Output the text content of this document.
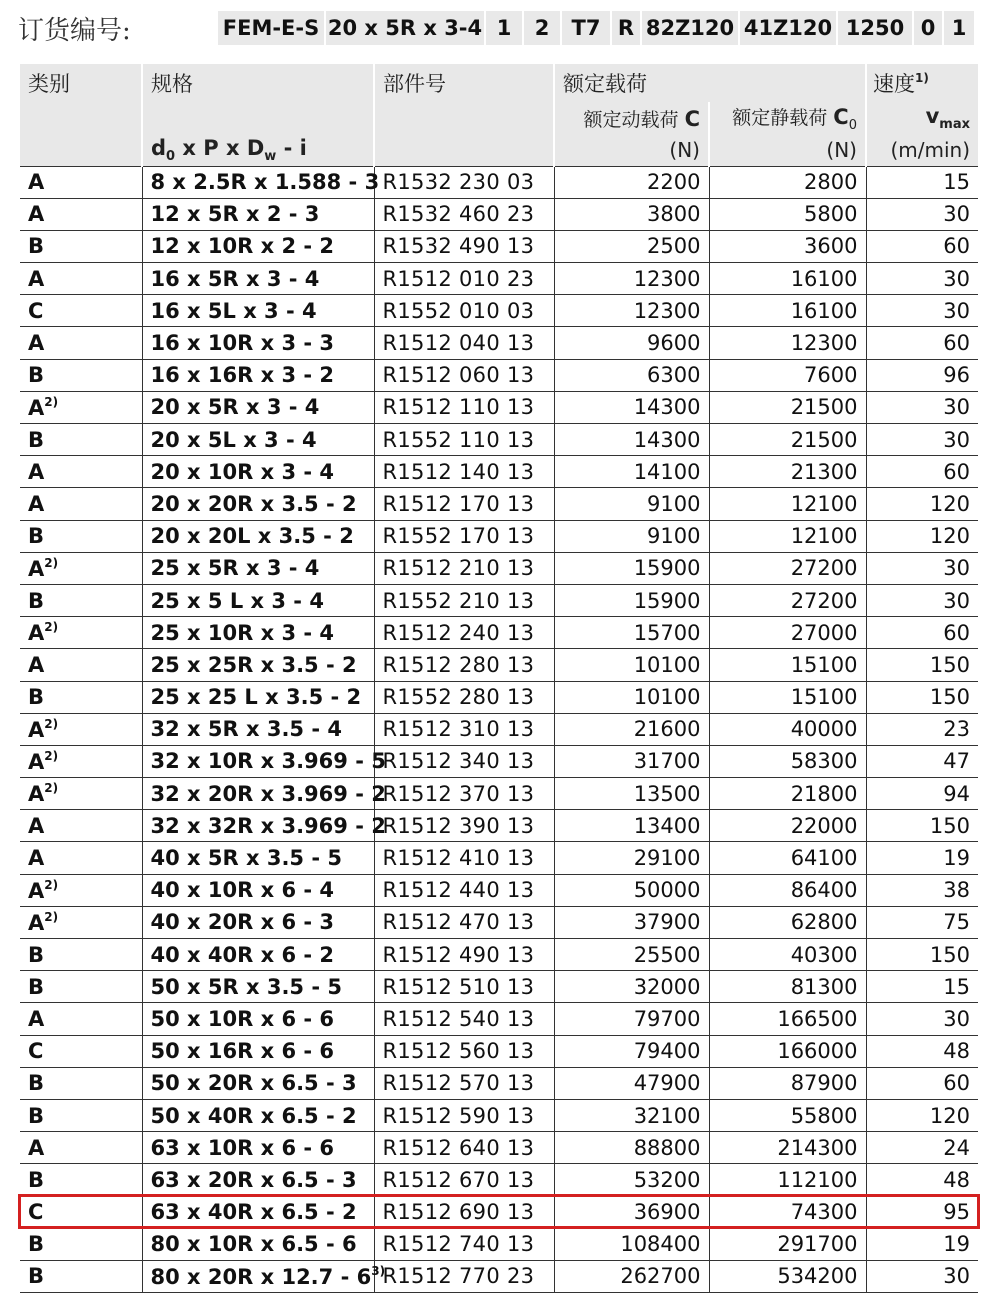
订货编号:	FEM-E-S 20 x 5R x 3-4 1	2	T7 R 82Z120 41Z120 1250 0 1
类别	规格	部件号	额定载荷		速度$^{1)}$

			额定动载荷 C	额定静载荷 $C_0$	$v_{max}$
	$d_0$ x P x $D_w$ - i		(N)	(N)	(m/min)
A	8 x 2.5R x 1.588 - 3	R1532 230 03	2200	2800	15
A	12 x 5R x 2 - 3	R1532 460 23	3800	5800	30
B	12 x 10R x 2 - 2	R1532 490 13	2500	3600	60
A	16 x 5R x 3 - 4	R1512 010 23	12300	16100	30
C	16 x 5L x 3 - 4	R1552 010 03	12300	16100	30
A	16 x 10R x 3 - 3	R1512 040 13	9600	12300	60
B	16 x 16R x 3 - 2	R1512 060 13	6300	7600	96
$A^{2)}$	20 x 5R x 3 - 4	R1512 110 13	14300	21500	30
B	20 x 5L x 3 - 4	R1552 110 13	14300	21500	30
A	20 x 10R x 3 - 4	R1512 140 13	14100	21300	60
A	20 x 20R x 3.5 - 2	R1512 170 13	9100	12100	120
B	20 x 20L x 3.5 - 2	R1552 170 13	9100	12100	120
$A^{2)}$	25 x 5R x 3 - 4	R1512 210 13	15900	27200	30
B	25 x 5 L x 3 - 4	R1552 210 13	15900	27200	30
$A^{2)}$	25 x 10R x 3 - 4	R1512 240 13	15700	27000	60
A	25 x 25R x 3.5 - 2	R1512 280 13	10100	15100	150
B	25 x 25 L x 3.5 - 2	R1552 280 13	10100	15100	150
$A^{2)}$	32 x 5R x 3.5 - 4	R1512 310 13	21600	40000	23
$A^{2)}$	32 x 10R x 3.969 - 5	R1512 340 13	31700	58300	47
$A^{2)}$	32 x 20R x 3.969 - 2	R1512 370 13	13500	21800	94
A	32 x 32R x 3.969 - 2	R1512 390 13	13400	22000	150
A	40 x 5R x 3.5 - 5	R1512 410 13	29100	64100	19
$A^{2)}$	40 x 10R x 6 - 4	R1512 440 13	50000	86400	38
$A^{2)}$	40 x 20R x 6 - 3	R1512 470 13	37900	62800	75
B	40 x 40R x 6 - 2	R1512 490 13	25500	40300	150
B	50 x 5R x 3.5 - 5	R1512 510 13	32000	81300	15
A	50 x 10R x 6 - 6	R1512 540 13	79700	166500	30
C	50 x 16R x 6 - 6	R1512 560 13	79400	166000	48
B	50 x 20R x 6.5 - 3	R1512 570 13	47900	87900	60
B	50 x 40R x 6.5 - 2	R1512 590 13	32100	55800	120
A	63 x 10R x 6 - 6	R1512 640 13	88800	214300	24
B	63 x 20R x 6.5 - 3	R1512 670 13	53200	112100	48
C	63 x 40R x 6.5 - 2	R1512 690 13	36900	74300	95
B	80 x 10R x 6.5 - 6	R1512 740 13	108400	291700	19
B	80 x 20R x 12.7 - 6$^{3)}$	R1512 770 23	262700	534200	30
